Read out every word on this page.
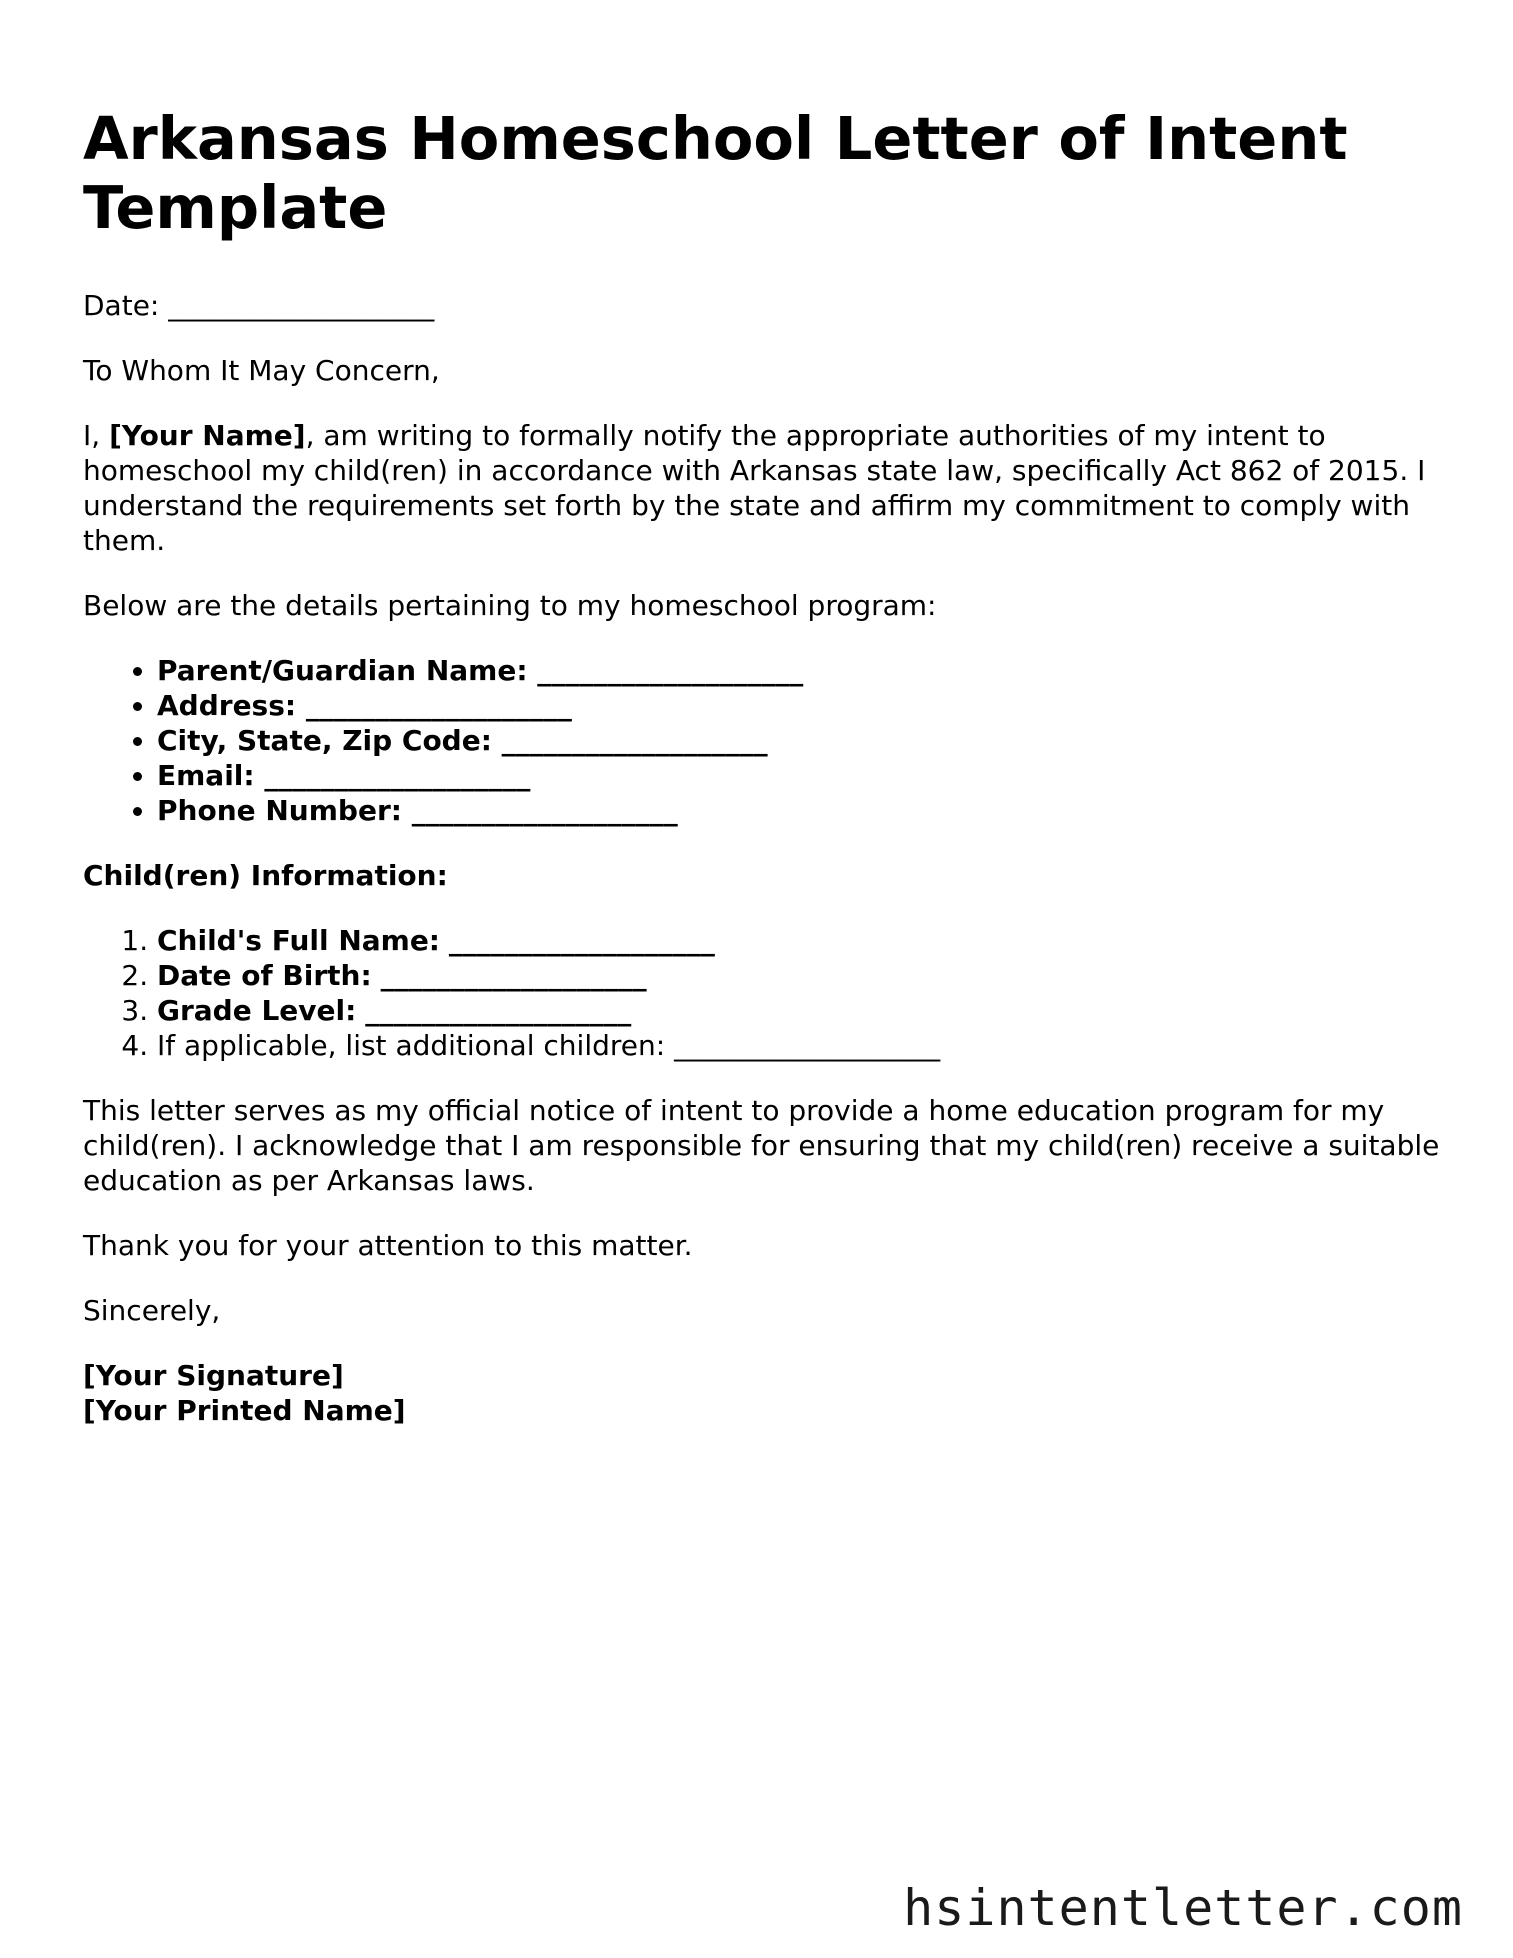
Arkansas Homeschool Letter of Intent Template

Date: ___________________

To Whom It May Concern,

I, [Your Name], am writing to formally notify the appropriate authorities of my intent to homeschool my child(ren) in accordance with Arkansas state law, specifically Act 862 of 2015. I understand the requirements set forth by the state and affirm my commitment to comply with them.

Below are the details pertaining to my homeschool program:

• Parent/Guardian Name: ___________________
• Address: ___________________
• City, State, Zip Code: ___________________
• Email: ___________________
• Phone Number: ___________________

Child(ren) Information:

1. Child's Full Name: ___________________
2. Date of Birth: ___________________
3. Grade Level: ___________________
4. If applicable, list additional children: ___________________

This letter serves as my official notice of intent to provide a home education program for my child(ren). I acknowledge that I am responsible for ensuring that my child(ren) receive a suitable education as per Arkansas laws.

Thank you for your attention to this matter.

Sincerely,

[Your Signature]
[Your Printed Name]

hsintentletter.com
